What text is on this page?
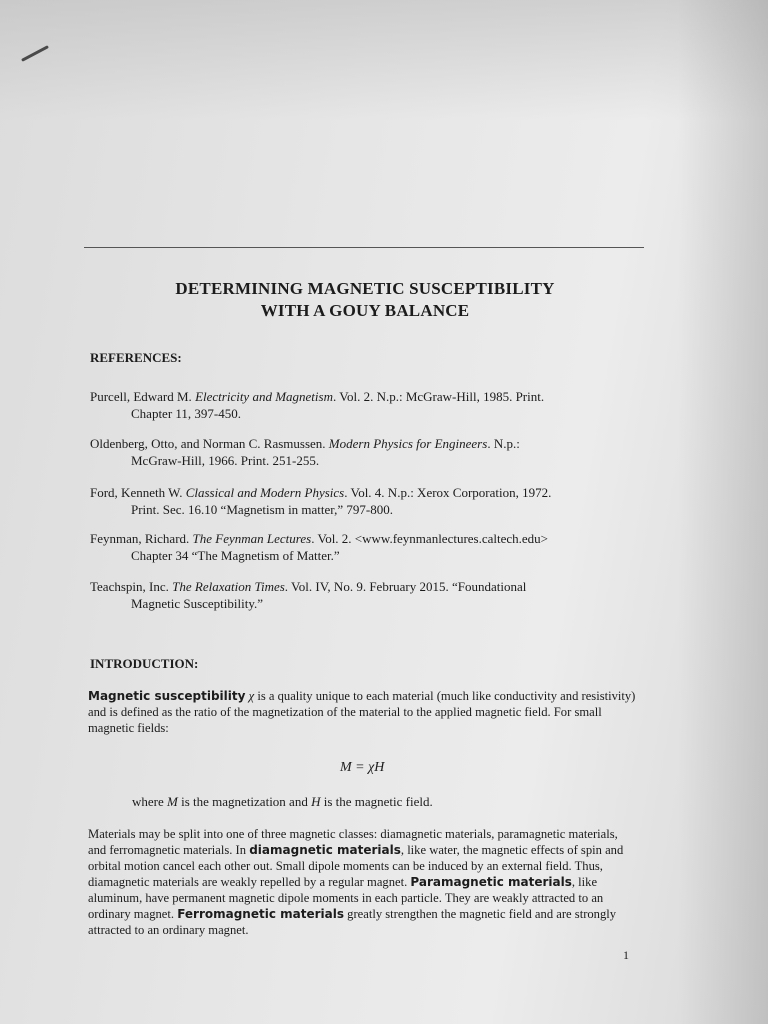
DETERMINING MAGNETIC SUSCEPTIBILITY
WITH A GOUY BALANCE
REFERENCES:
Purcell, Edward M. Electricity and Magnetism. Vol. 2. N.p.: McGraw-Hill, 1985. Print.
Chapter 11, 397-450.
Oldenberg, Otto, and Norman C. Rasmussen. Modern Physics for Engineers. N.p.:
McGraw-Hill, 1966. Print. 251-255.
Ford, Kenneth W. Classical and Modern Physics. Vol. 4. N.p.: Xerox Corporation, 1972.
Print. Sec. 16.10 “Magnetism in matter,” 797-800.
Feynman, Richard. The Feynman Lectures. Vol. 2. <www.feynmanlectures.caltech.edu>
Chapter 34 “The Magnetism of Matter.”
Teachspin, Inc. The Relaxation Times. Vol. IV, No. 9. February 2015. “Foundational
Magnetic Susceptibility.”
INTRODUCTION:
Magnetic susceptibility χ is a quality unique to each material (much like conductivity and resistivity) and is defined as the ratio of the magnetization of the material to the applied magnetic field. For small magnetic fields:
M = χH
where M is the magnetization and H is the magnetic field.
Materials may be split into one of three magnetic classes: diamagnetic materials, paramagnetic materials, and ferromagnetic materials. In diamagnetic materials, like water, the magnetic effects of spin and orbital motion cancel each other out. Small dipole moments can be induced by an external field. Thus, diamagnetic materials are weakly repelled by a regular magnet. Paramagnetic materials, like aluminum, have permanent magnetic dipole moments in each particle. They are weakly attracted to an ordinary magnet. Ferromagnetic materials greatly strengthen the magnetic field and are strongly attracted to an ordinary magnet.
1
